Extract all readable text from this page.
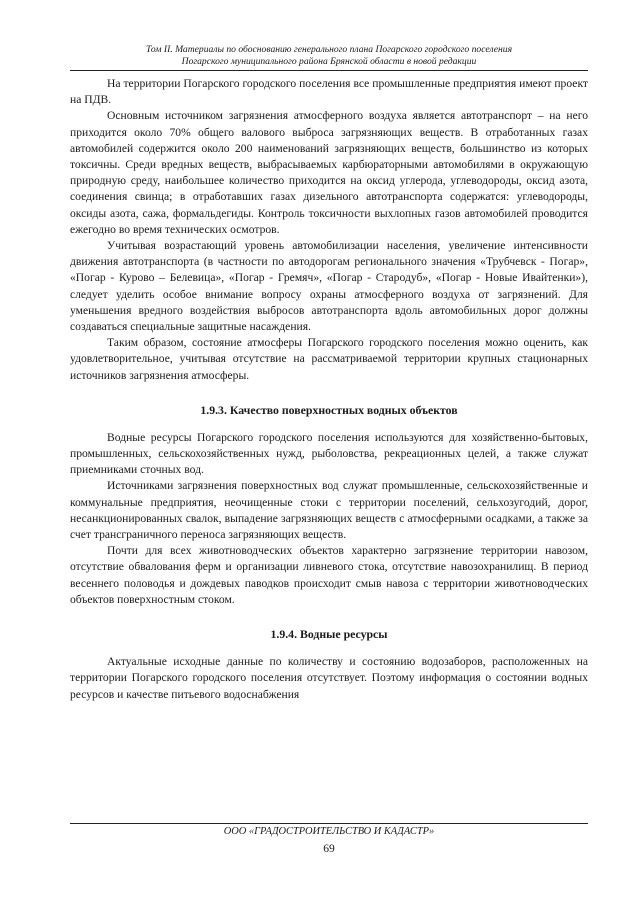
Том II. Материалы по обоснованию генерального плана Погарского городского поселения
Погарского муниципального района Брянской области в новой редакции

На территории Погарского городского поселения все промышленные предприятия имеют проект на ПДВ.

Основным источником загрязнения атмосферного воздуха является автотранспорт – на него приходится около 70% общего валового выброса загрязняющих веществ. В отработанных газах автомобилей содержится около 200 наименований загрязняющих веществ, большинство из которых токсичны. Среди вредных веществ, выбрасываемых карбюраторными автомобилями в окружающую природную среду, наибольшее количество приходится на оксид углерода, углеводороды, оксид азота, соединения свинца; в отработавших газах дизельного автотранспорта содержатся: углеводороды, оксиды азота, сажа, формальдегиды. Контроль токсичности выхлопных газов автомобилей проводится ежегодно во время технических осмотров.

Учитывая возрастающий уровень автомобилизации населения, увеличение интенсивности движения автотранспорта (в частности по автодорогам регионального значения «Трубчевск - Погар», «Погар - Курово – Белевица», «Погар - Гремяч», «Погар - Стародуб», «Погар - Новые Ивайтенки»), следует уделить особое внимание вопросу охраны атмосферного воздуха от загрязнений. Для уменьшения вредного воздействия выбросов автотранспорта вдоль автомобильных дорог должны создаваться специальные защитные насаждения.

Таким образом, состояние атмосферы Погарского городского поселения можно оценить, как удовлетворительное, учитывая отсутствие на рассматриваемой территории крупных стационарных источников загрязнения атмосферы.

1.9.3. Качество поверхностных водных объектов

Водные ресурсы Погарского городского поселения используются для хозяйственно-бытовых, промышленных, сельскохозяйственных нужд, рыболовства, рекреационных целей, а также служат приемниками сточных вод.

Источниками загрязнения поверхностных вод служат промышленные, сельскохозяйственные и коммунальные предприятия, неочищенные стоки с территории поселений, сельхозугодий, дорог, несанкционированных свалок, выпадение загрязняющих веществ с атмосферными осадками, а также за счет трансграничного переноса загрязняющих веществ.

Почти для всех животноводческих объектов характерно загрязнение территории навозом, отсутствие обвалования ферм и организации ливневого стока, отсутствие навозохранилищ. В период весеннего половодья и дождевых паводков происходит смыв навоза с территории животноводческих объектов поверхностным стоком.

1.9.4. Водные ресурсы

Актуальные исходные данные по количеству и состоянию водозаборов, расположенных на территории Погарского городского поселения отсутствует. Поэтому информация о состоянии водных ресурсов и качестве питьевого водоснабжения

ООО «ГРАДОСТРОИТЕЛЬСТВО И КАДАСТР»
69
